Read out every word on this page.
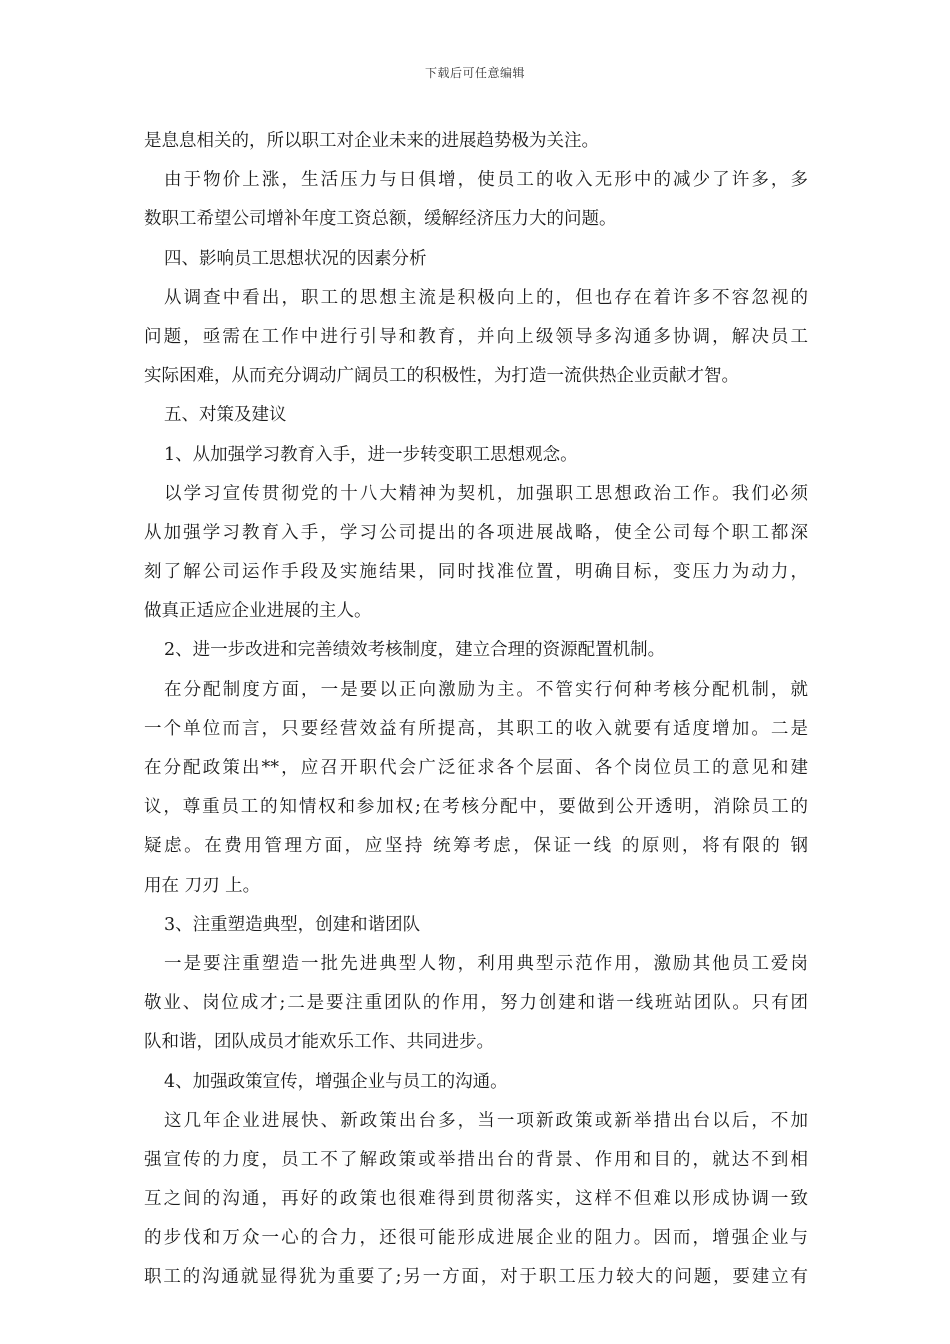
下载后可任意编辑
是息息相关的，所以职工对企业未来的进展趋势极为关注。
由于物价上涨，生活压力与日俱增，使员工的收入无形中的减少了许多，多
数职工希望公司增补年度工资总额，缓解经济压力大的问题。
四、影响员工思想状况的因素分析
从调查中看出，职工的思想主流是积极向上的，但也存在着许多不容忽视的
问题，亟需在工作中进行引导和教育，并向上级领导多沟通多协调，解决员工
实际困难，从而充分调动广阔员工的积极性，为打造一流供热企业贡献才智。
五、对策及建议
1、从加强学习教育入手，进一步转变职工思想观念。
以学习宣传贯彻党的十八大精神为契机，加强职工思想政治工作。我们必须
从加强学习教育入手，学习公司提出的各项进展战略，使全公司每个职工都深
刻了解公司运作手段及实施结果，同时找准位置，明确目标，变压力为动力，
做真正适应企业进展的主人。
2、进一步改进和完善绩效考核制度，建立合理的资源配置机制。
在分配制度方面，一是要以正向激励为主。不管实行何种考核分配机制，就
一个单位而言，只要经营效益有所提高，其职工的收入就要有适度增加。二是
在分配政策出**，应召开职代会广泛征求各个层面、各个岗位员工的意见和建
议，尊重员工的知情权和参加权;在考核分配中，要做到公开透明，消除员工的
疑虑。在费用管理方面，应坚持 统筹考虑，保证一线 的原则，将有限的 钢
用在 刀刃 上。
3、注重塑造典型，创建和谐团队
一是要注重塑造一批先进典型人物，利用典型示范作用，激励其他员工爱岗
敬业、岗位成才;二是要注重团队的作用，努力创建和谐一线班站团队。只有团
队和谐，团队成员才能欢乐工作、共同进步。
4、加强政策宣传，增强企业与员工的沟通。
这几年企业进展快、新政策出台多，当一项新政策或新举措出台以后，不加
强宣传的力度，员工不了解政策或举措出台的背景、作用和目的，就达不到相
互之间的沟通，再好的政策也很难得到贯彻落实，这样不但难以形成协调一致
的步伐和万众一心的合力，还很可能形成进展企业的阻力。因而，增强企业与
职工的沟通就显得犹为重要了;另一方面，对于职工压力较大的问题，要建立有
